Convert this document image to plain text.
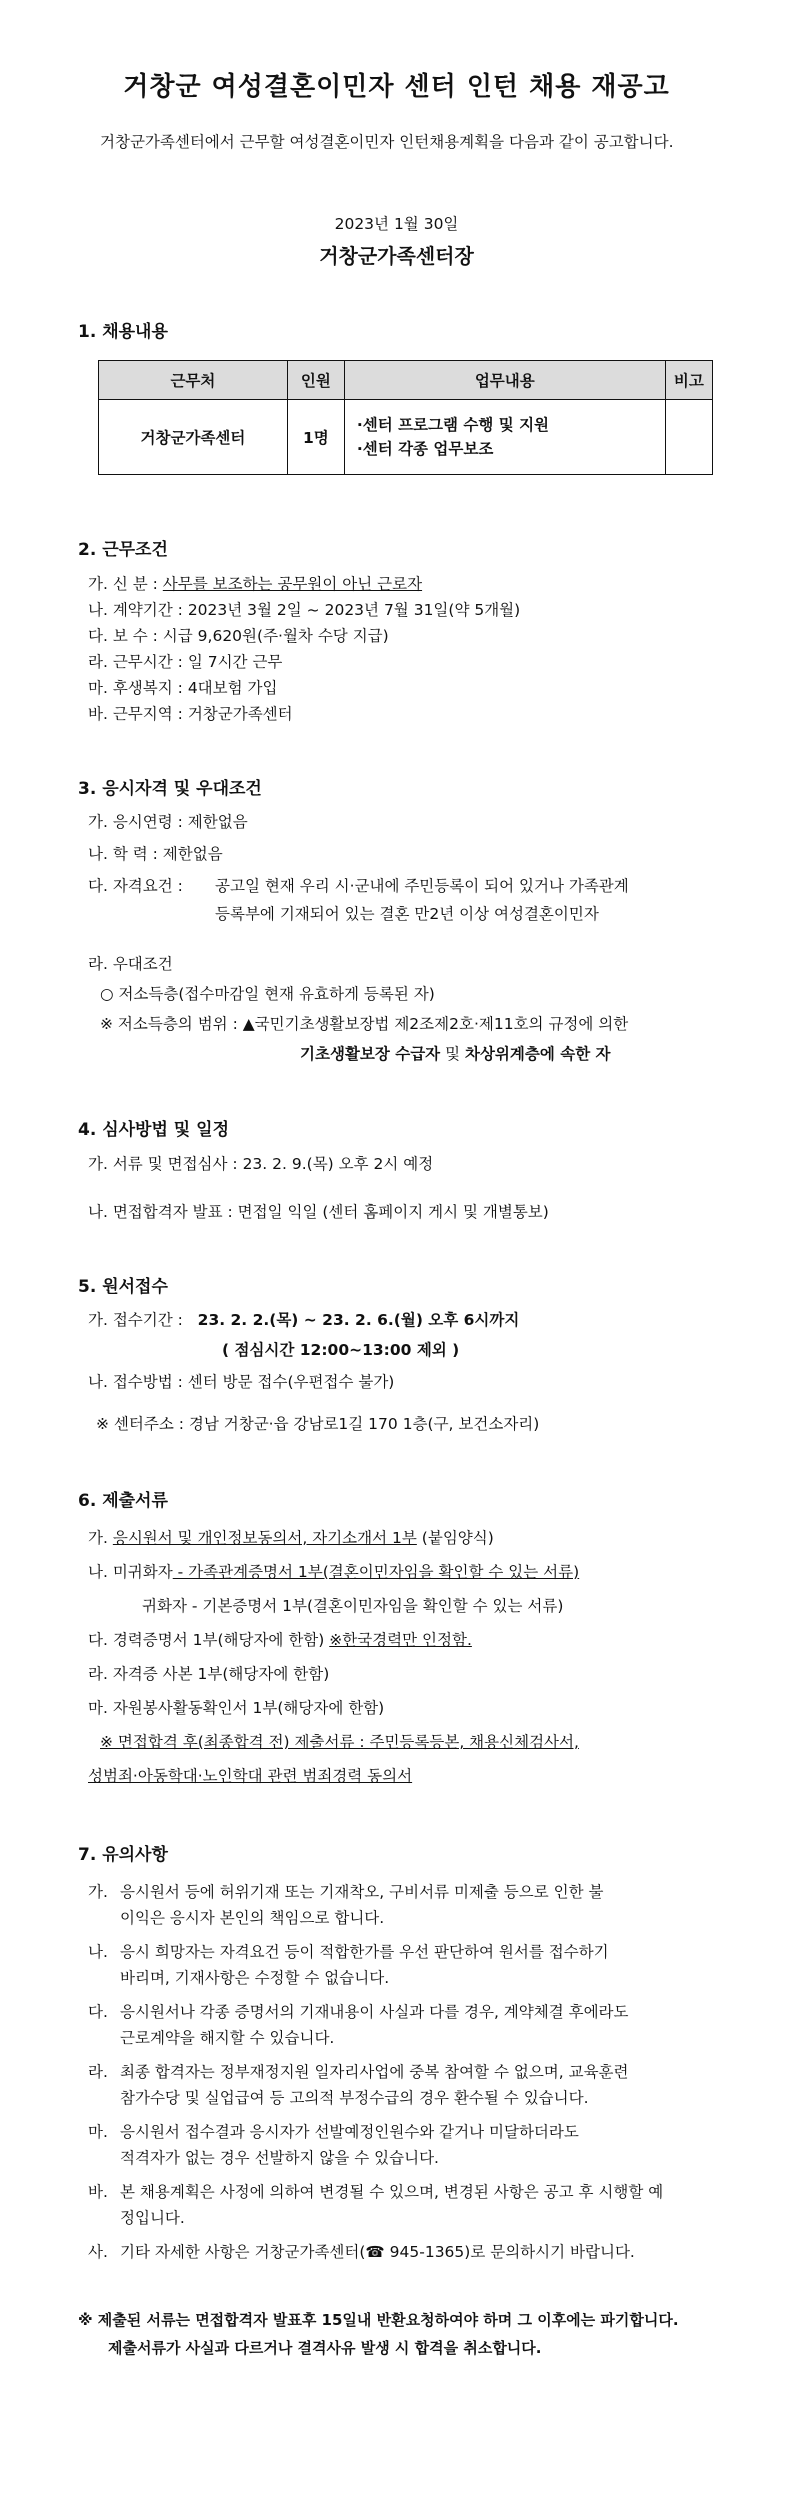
거창군 여성결혼이민자 센터 인턴 채용 재공고
거창군가족센터에서 근무할 여성결혼이민자 인턴채용계획을 다음과 같이 공고합니다.
2023년 1월 30일
거창군가족센터장
1. 채용내용
근무처	인원	업무내용	비고
거창군가족센터	1명	·센터 프로그램 수행 및 지원
·센터 각종 업무보조	

2. 근무조건
가. 신 분 : 사무를 보조하는 공무원이 아닌 근로자
나. 계약기간 : 2023년 3월 2일 ~ 2023년 7월 31일(약 5개월)
다. 보 수 : 시급 9,620원(주·월차 수당 지급)
라. 근무시간 : 일 7시간 근무
마. 후생복지 : 4대보험 가입
바. 근무지역 : 거창군가족센터
3. 응시자격 및 우대조건
가. 응시연령 : 제한없음
나. 학 력 : 제한없음
다. 자격요건 : 공고일 현재 우리 시·군내에 주민등록이 되어 있거나 가족관계
등록부에 기재되어 있는 결혼 만2년 이상 여성결혼이민자
라. 우대조건
○ 저소득층(접수마감일 현재 유효하게 등록된 자)
※ 저소득층의 범위 : ▲국민기초생활보장법 제2조제2호·제11호의 규정에 의한
기초생활보장 수급자 및 차상위계층에 속한 자
4. 심사방법 및 일정
가. 서류 및 면접심사 : 23. 2. 9.(목) 오후 2시 예정
나. 면접합격자 발표 : 면접일 익일 (센터 홈페이지 게시 및 개별통보)
5. 원서접수
가. 접수기간 : 23. 2. 2.(목) ~ 23. 2. 6.(월) 오후 6시까지
( 점심시간 12:00~13:00 제외 )
나. 접수방법 : 센터 방문 접수(우편접수 불가)
※ 센터주소 : 경남 거창군·읍 강남로1길 170 1층(구, 보건소자리)
6. 제출서류
가. 응시원서 및 개인정보동의서, 자기소개서 1부 (붙임양식)
나. 미귀화자 - 가족관계증명서 1부(결혼이민자임을 확인할 수 있는 서류)
귀화자 - 기본증명서 1부(결혼이민자임을 확인할 수 있는 서류)
다. 경력증명서 1부(해당자에 한함) ※한국경력만 인정함.
라. 자격증 사본 1부(해당자에 한함)
마. 자원봉사활동확인서 1부(해당자에 한함)
※ 면접합격 후(최종합격 전) 제출서류 : 주민등록등본, 채용신체검사서,
성범죄·아동학대·노인학대 관련 범죄경력 동의서
7. 유의사항
가. 응시원서 등에 허위기재 또는 기재착오, 구비서류 미제출 등으로 인한 불
이익은 응시자 본인의 책임으로 합니다.
나. 응시 희망자는 자격요건 등이 적합한가를 우선 판단하여 원서를 접수하기
바리며, 기재사항은 수정할 수 없습니다.
다. 응시원서나 각종 증명서의 기재내용이 사실과 다를 경우, 계약체결 후에라도
근로계약을 해지할 수 있습니다.
라. 최종 합격자는 정부재정지원 일자리사업에 중복 참여할 수 없으며, 교육훈련
참가수당 및 실업급여 등 고의적 부정수급의 경우 환수될 수 있습니다.
마. 응시원서 접수결과 응시자가 선발예정인원수와 같거나 미달하더라도
적격자가 없는 경우 선발하지 않을 수 있습니다.
바. 본 채용계획은 사정에 의하여 변경될 수 있으며, 변경된 사항은 공고 후 시행할 예
정입니다.
사. 기타 자세한 사항은 거창군가족센터(☎ 945-1365)로 문의하시기 바랍니다.
※ 제출된 서류는 면접합격자 발표후 15일내 반환요청하여야 하며 그 이후에는 파기합니다.
제출서류가 사실과 다르거나 결격사유 발생 시 합격을 취소합니다.
